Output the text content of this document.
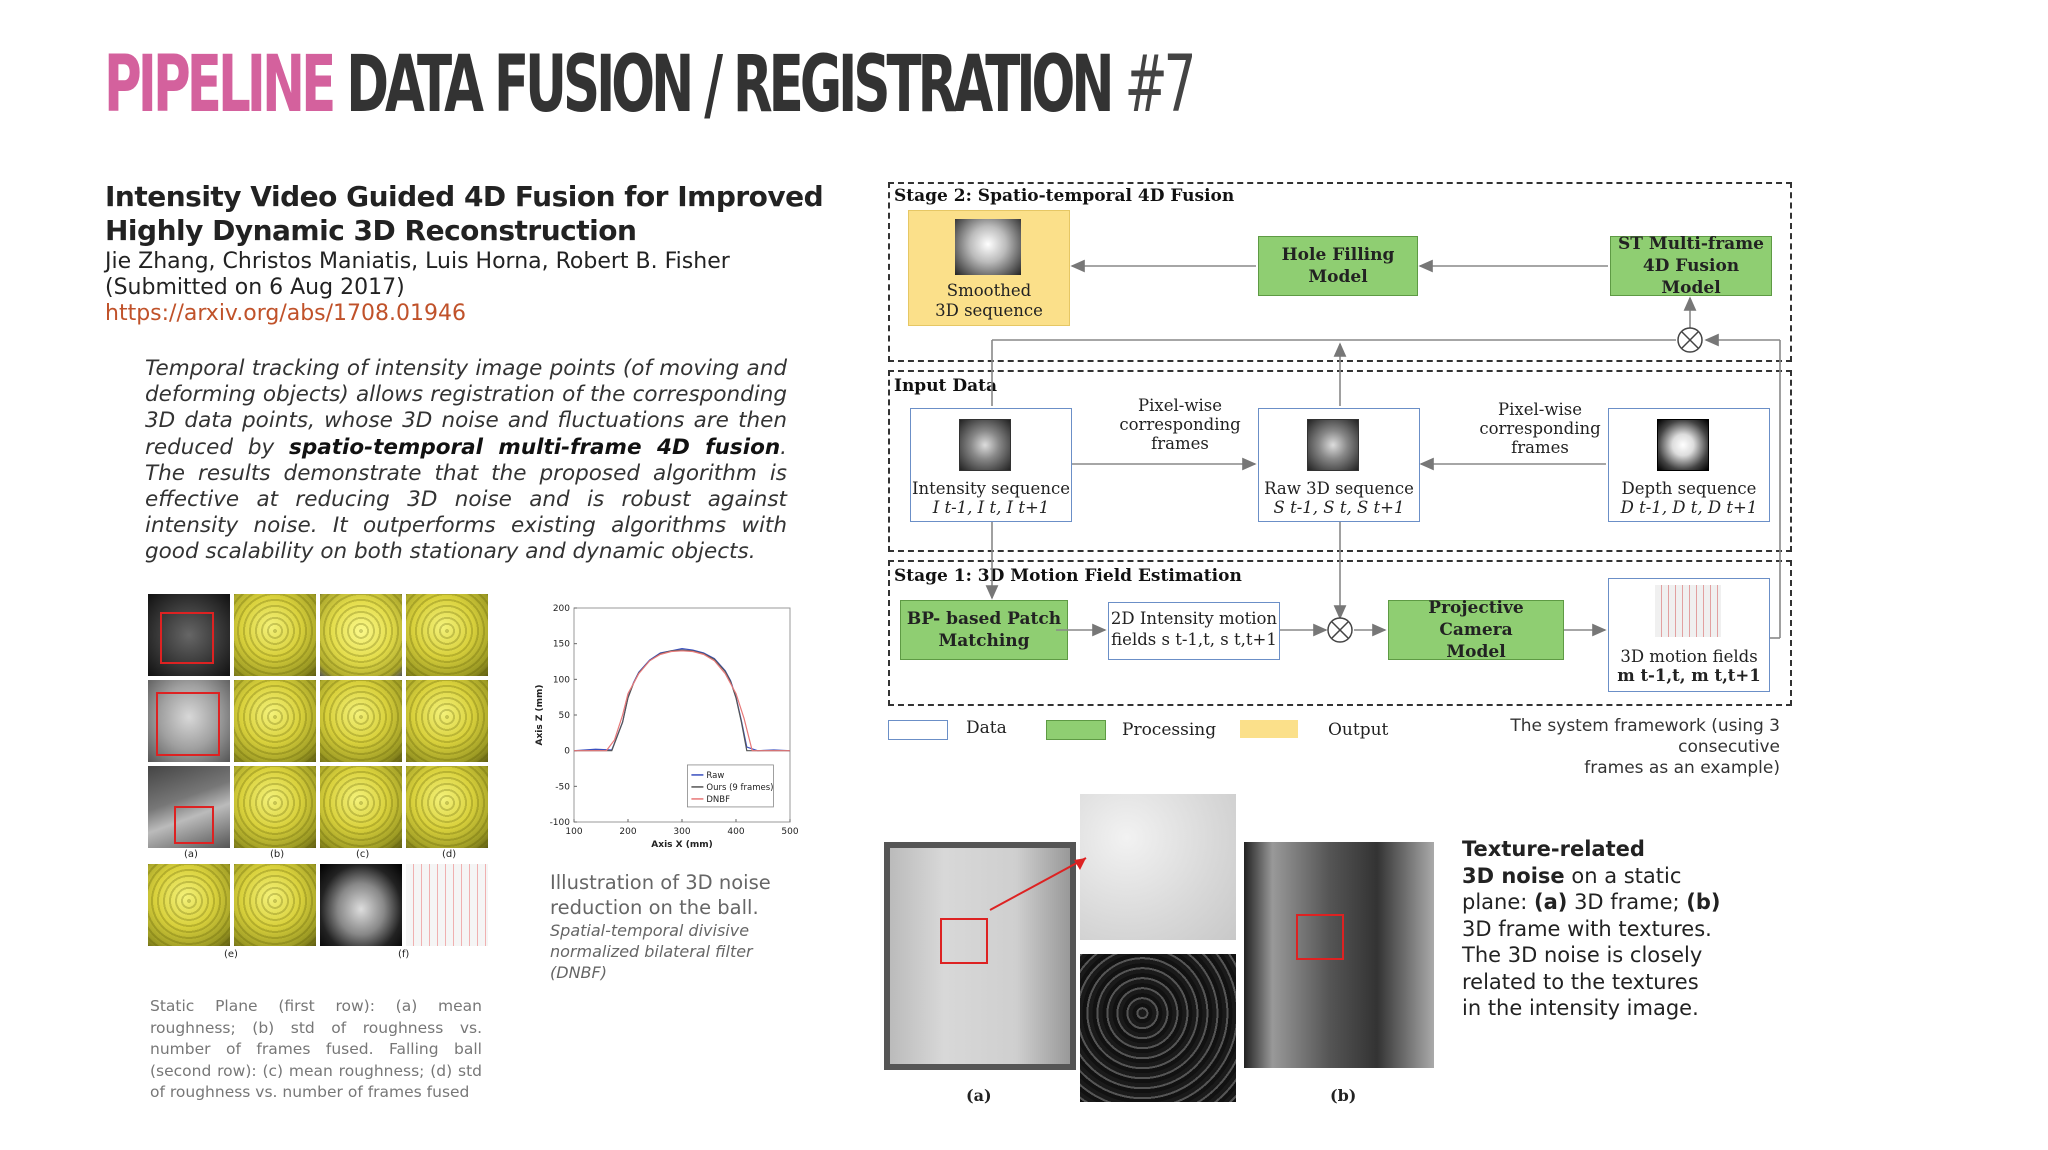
PIPELINE DATA FUSION / REGISTRATION #7
Intensity Video Guided 4D Fusion for Improved
Highly Dynamic 3D Reconstruction
Jie Zhang, Christos Maniatis, Luis Horna, Robert B. Fisher
(Submitted on 6 Aug 2017)
https://arxiv.org/abs/1708.01946
Temporal tracking of intensity image points (of moving and deforming objects) allows registration of the corresponding 3D data points, whose 3D noise and fluctuations are then reduced by spatio-temporal multi-frame 4D fusion. The results demonstrate that the proposed algorithm is effective at reducing 3D noise and is robust against intensity noise. It outperforms existing algorithms with good scalability on both stationary and dynamic objects.
(a)	(b)	(c)	(d)
(e)	(f)
Static Plane (first row): (a) mean roughness; (b) std of roughness vs. number of frames fused. Falling ball (second row): (c) mean roughness; (d) std of roughness vs. number of frames fused
100	200	300	400	500
200
150
100
50
0
-50
-100
Axis X (mm)
Axis Z (mm)
Raw
Ours (9 frames)
DNBF
Illustration of 3D noise
reduction on the ball.
Spatial-temporal divisive
normalized bilateral filter (DNBF)
Stage 2: Spatio-temporal 4D Fusion
Input Data
Stage 1: 3D Motion Field Estimation
Smoothed
3D sequence
Hole Filling
Model
ST Multi-frame
4D Fusion Model
Intensity sequence
I t-1, I t, I t+1
Pixel-wise
corresponding
frames
Raw 3D sequence
S t-1, S t, S t+1
Pixel-wise
corresponding
frames
Depth sequence
D t-1, D t, D t+1
BP- based Patch
Matching
2D Intensity motion
fields s t-1,t, s t,t+1
Projective Camera
Model	3D motion fields
m t-1,t, m t,t+1
Data	Processing	Output	The system framework (using 3 consecutive
frames as an example)
(a)	(b)
Texture-related
3D noise on a static plane: (a) 3D frame; (b) 3D frame with textures. The 3D noise is closely related to the textures in the intensity image.
